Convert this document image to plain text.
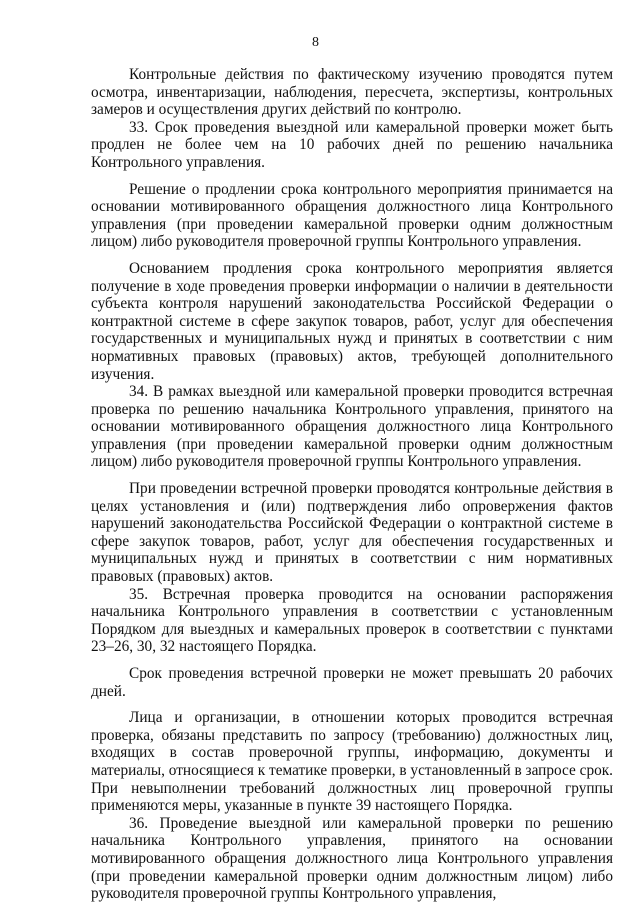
8

Контрольные действия по фактическому изучению проводятся путем осмотра, инвентаризации, наблюдения, пересчета, экспертизы, контрольных замеров и осуществления других действий по контролю.

33. Срок проведения выездной или камеральной проверки может быть продлен не более чем на 10 рабочих дней по решению начальника Контрольного управления.

Решение о продлении срока контрольного мероприятия принимается на основании мотивированного обращения должностного лица Контрольного управления (при проведении камеральной проверки одним должностным лицом) либо руководителя проверочной группы Контрольного управления.

Основанием продления срока контрольного мероприятия является получение в ходе проведения проверки информации о наличии в деятельности субъекта контроля нарушений законодательства Российской Федерации о контрактной системе в сфере закупок товаров, работ, услуг для обеспечения государственных и муниципальных нужд и принятых в соответствии с ним нормативных правовых (правовых) актов, требующей дополнительного изучения.

34. В рамках выездной или камеральной проверки проводится встречная проверка по решению начальника Контрольного управления, принятого на основании мотивированного обращения должностного лица Контрольного управления (при проведении камеральной проверки одним должностным лицом) либо руководителя проверочной группы Контрольного управления.

При проведении встречной проверки проводятся контрольные действия в целях установления и (или) подтверждения либо опровержения фактов нарушений законодательства Российской Федерации о контрактной системе в сфере закупок товаров, работ, услуг для обеспечения государственных и муниципальных нужд и принятых в соответствии с ним нормативных правовых (правовых) актов.

35. Встречная проверка проводится на основании распоряжения начальника Контрольного управления в соответствии с установленным Порядком для выездных и камеральных проверок в соответствии с пунктами 23–26, 30, 32 настоящего Порядка.

Срок проведения встречной проверки не может превышать 20 рабочих дней.

Лица и организации, в отношении которых проводится встречная проверка, обязаны представить по запросу (требованию) должностных лиц, входящих в состав проверочной группы, информацию, документы и материалы, относящиеся к тематике проверки, в установленный в запросе срок. При невыполнении требований должностных лиц проверочной группы применяются меры, указанные в пункте 39 настоящего Порядка.

36. Проведение выездной или камеральной проверки по решению начальника Контрольного управления, принятого на основании мотивированного обращения должностного лица Контрольного управления (при проведении камеральной проверки одним должностным лицом) либо руководителя проверочной группы Контрольного управления,
